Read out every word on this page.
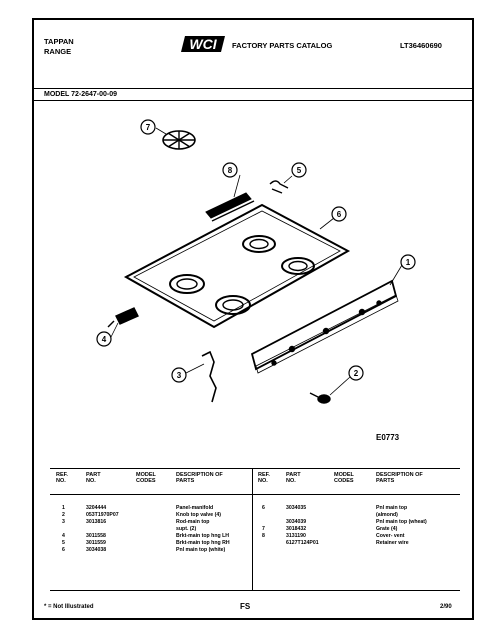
TAPPAN
RANGE	WCI FACTORY PARTS CATALOG	LT36460690
MODEL 72-2647-00-09
7
8	5
6
1
4
3	2
E0773
REF. NO.
PART NO.
MODEL CODES
DESCRIPTION OF PARTS
REF. NO.
PART NO.
MODEL CODES
DESCRIPTION OF PARTS
1	3204444	Panel-manifold
2	053T1970P07	Knob top valve (4)
3	3013816	Rod-main top
supt. (2)
4	3011558	Brkt-main top hng LH
5	3011559	Brkt-main top hng RH
6	3034038	Pnl main top (white)
6	3034035	Pnl main top
(almond)
3034039	Pnl main top (wheat)
7	3018432	Grate (4)
8	3131190	Cover- vent
6127T124P01	Retainer wire
* = Not Illustrated	FS	2/90
